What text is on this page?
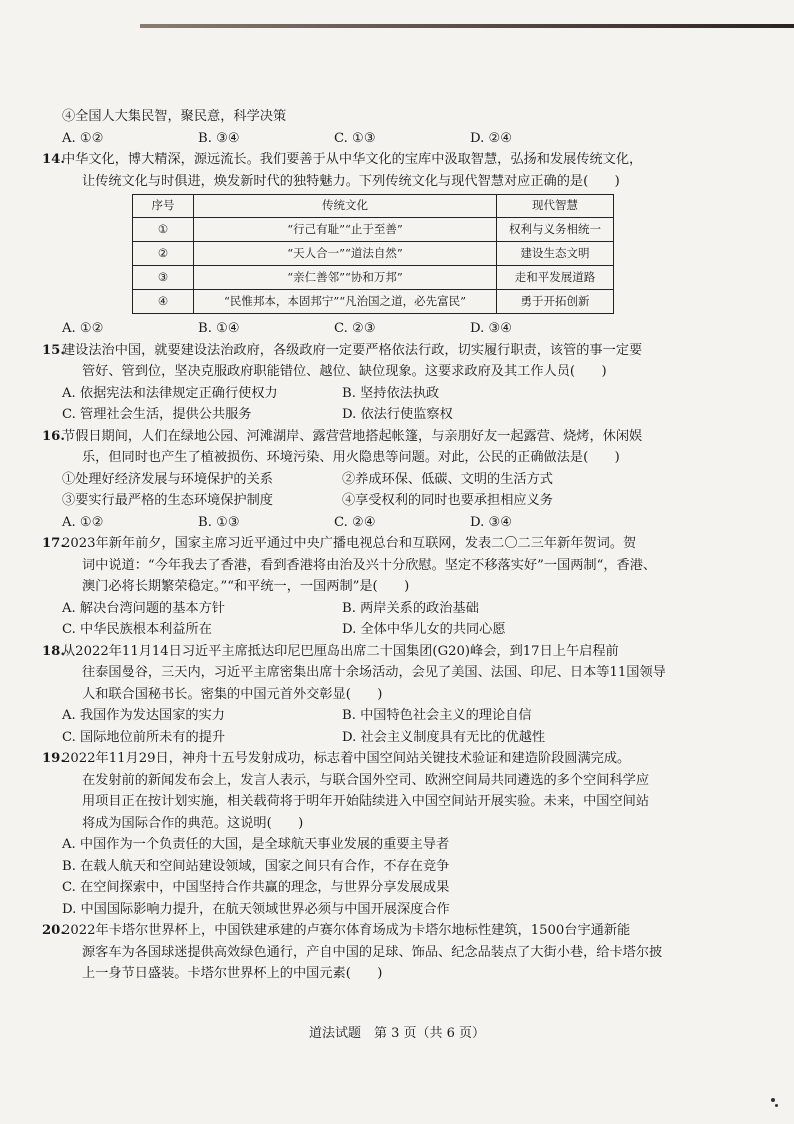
④全国人大集民智，聚民意，科学决策
A. ①②	B. ③④	C. ①③	D. ②④
14.中华文化，博大精深，源远流长。我们要善于从中华文化的宝库中汲取智慧，弘扬和发展传统文化，
让传统文化与时俱进，焕发新时代的独特魅力。下列传统文化与现代智慧对应正确的是(　　)
序号	传统文化	现代智慧
①	“行己有耻”“止于至善”	权利与义务相统一
②	“天人合一”“道法自然”	建设生态文明
③	“亲仁善邻”“协和万邦”	走和平发展道路
④	“民惟邦本，本固邦宁”“凡治国之道，必先富民”	勇于开拓创新
A. ①②	B. ①④	C. ②③	D. ③④
15.建设法治中国，就要建设法治政府，各级政府一定要严格依法行政，切实履行职责，该管的事一定要
管好、管到位，坚决克服政府职能错位、越位、缺位现象。这要求政府及其工作人员(　　)
A. 依据宪法和法律规定正确行使权力	B. 坚持依法执政
C. 管理社会生活，提供公共服务	D. 依法行使监察权
16.节假日期间，人们在绿地公园、河滩湖岸、露营营地搭起帐篷，与亲朋好友一起露营、烧烤，休闲娱
乐，但同时也产生了植被损伤、环境污染、用火隐患等问题。对此，公民的正确做法是(　　)
①处理好经济发展与环境保护的关系	②养成环保、低碳、文明的生活方式
③要实行最严格的生态环境保护制度	④享受权利的同时也要承担相应义务
A. ①②	B. ①③	C. ②④	D. ③④
17.2023年新年前夕，国家主席习近平通过中央广播电视总台和互联网，发表二〇二三年新年贺词。贺
词中说道：“今年我去了香港，看到香港将由治及兴十分欣慰。坚定不移落实好”一国两制“，香港、
澳门必将长期繁荣稳定。”“和平统一，一国两制”是(　　)
A. 解决台湾问题的基本方针	B. 两岸关系的政治基础
C. 中华民族根本利益所在	D. 全体中华儿女的共同心愿
18.从2022年11月14日习近平主席抵达印尼巴厘岛出席二十国集团(G20)峰会，到17日上午启程前
往泰国曼谷，三天内，习近平主席密集出席十余场活动，会见了美国、法国、印尼、日本等11国领导
人和联合国秘书长。密集的中国元首外交彰显(　　)
A. 我国作为发达国家的实力	B. 中国特色社会主义的理论自信
C. 国际地位前所未有的提升	D. 社会主义制度具有无比的优越性
19.2022年11月29日，神舟十五号发射成功，标志着中国空间站关键技术验证和建造阶段圆满完成。
在发射前的新闻发布会上，发言人表示，与联合国外空司、欧洲空间局共同遴选的多个空间科学应
用项目正在按计划实施，相关载荷将于明年开始陆续进入中国空间站开展实验。未来，中国空间站
将成为国际合作的典范。这说明(　　)
A. 中国作为一个负责任的大国，是全球航天事业发展的重要主导者
B. 在载人航天和空间站建设领域，国家之间只有合作，不存在竞争
C. 在空间探索中，中国坚持合作共赢的理念，与世界分享发展成果
D. 中国国际影响力提升，在航天领域世界必须与中国开展深度合作
20.2022年卡塔尔世界杯上，中国铁建承建的卢赛尔体育场成为卡塔尔地标性建筑，1500台宇通新能
源客车为各国球迷提供高效绿色通行，产自中国的足球、饰品、纪念品装点了大街小巷，给卡塔尔披
上一身节日盛装。卡塔尔世界杯上的中国元素(　　)
道法试题　第 3 页（共 6 页）
